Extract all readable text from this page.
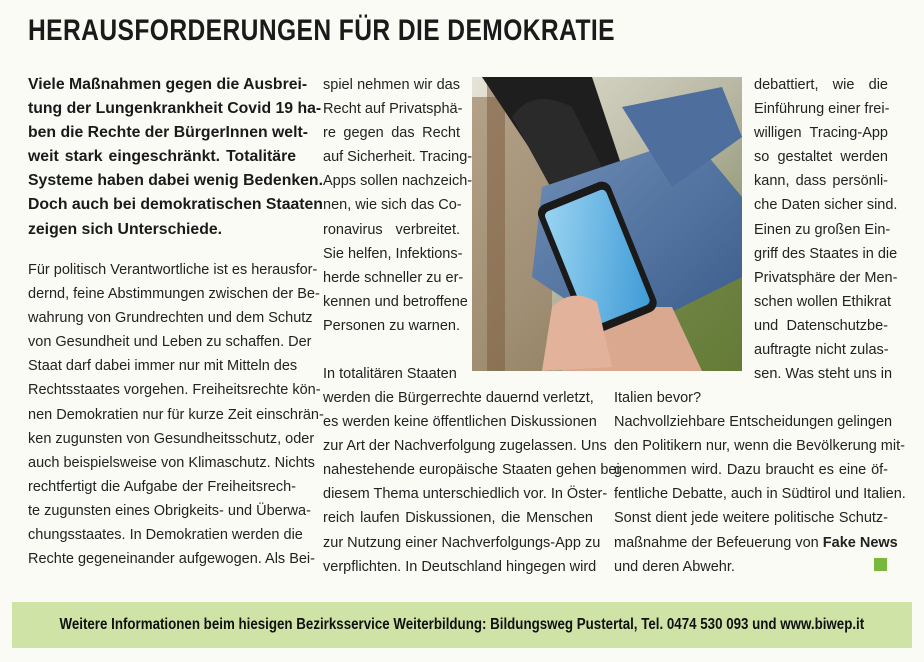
HERAUSFORDERUNGEN FÜR DIE DEMOKRATIE
Viele Maßnahmen gegen die Ausbrei-
tung der Lungenkrankheit Covid 19 ha-
ben die Rechte der BürgerInnen welt-
weit stark eingeschränkt. Totalitäre
Systeme haben dabei wenig Bedenken.
Doch auch bei demokratischen Staaten
zeigen sich Unterschiede.
Für politisch Verantwortliche ist es herausfor-
dernd, feine Abstimmungen zwischen der Be-
wahrung von Grundrechten und dem Schutz
von Gesundheit und Leben zu schaffen. Der
Staat darf dabei immer nur mit Mitteln des
Rechtsstaates vorgehen. Freiheitsrechte kön-
nen Demokratien nur für kurze Zeit einschrän-
ken zugunsten von Gesundheitsschutz, oder
auch beispielsweise von Klimaschutz. Nichts
rechtfertigt die Aufgabe der Freiheitsrech-
te zugunsten eines Obrigkeits- und Überwa-
chungsstaates. In Demokratien werden die
Rechte gegeneinander aufgewogen. Als Bei-
spiel nehmen wir das
Recht auf Privatsphä-
re gegen das Recht
auf Sicherheit. Tracing-
Apps sollen nachzeich-
nen, wie sich das Co-
ronavirus verbreitet.
Sie helfen, Infektions-
herde schneller zu er-
kennen und betroffene
Personen zu warnen.
In totalitären Staaten
werden die Bürgerrechte dauernd verletzt,
es werden keine öffentlichen Diskussionen
zur Art der Nachverfolgung zugelassen. Uns
nahestehende europäische Staaten gehen bei
diesem Thema unterschiedlich vor. In Öster-
reich laufen Diskussionen, die Menschen
zur Nutzung einer Nachverfolgungs-App zu
verpflichten. In Deutschland hingegen wird
debattiert, wie die
Einführung einer frei-
willigen Tracing-App
so gestaltet werden
kann, dass persönli-
che Daten sicher sind.
Einen zu großen Ein-
griff des Staates in die
Privatsphäre der Men-
schen wollen Ethikrat
und Datenschutzbe-
auftragte nicht zulas-
sen. Was steht uns in
Italien bevor?
Nachvollziehbare Entscheidungen gelingen
den Politikern nur, wenn die Bevölkerung mit-
genommen wird. Dazu braucht es eine öf-
fentliche Debatte, auch in Südtirol und Italien.
Sonst dient jede weitere politische Schutz-
maßnahme der Befeuerung von Fake News
und deren Abwehr.
Weitere Informationen beim hiesigen Bezirksservice Weiterbildung: Bildungsweg Pustertal, Tel. 0474 530 093 und www.biwep.it
